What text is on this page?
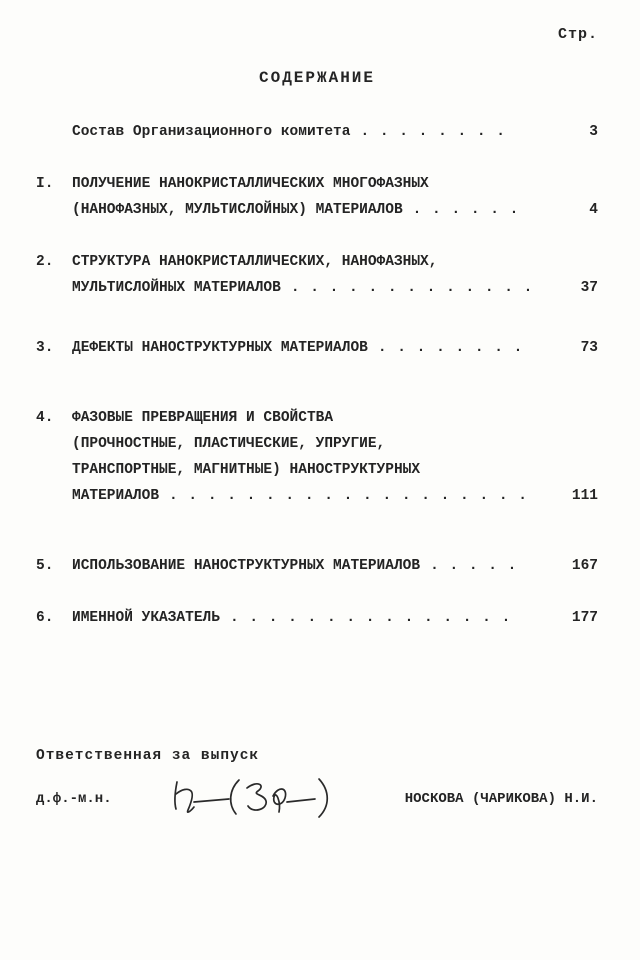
Стр.
СОДЕРЖАНИЕ
Состав Организационного комитета . . . . . . . .	3
I.	ПОЛУЧЕНИЕ НАНОКРИСТАЛЛИЧЕСКИХ МНОГОФАЗНЫХ
(НАНОФАЗНЫХ, МУЛЬТИСЛОЙНЫХ) МАТЕРИАЛОВ . . . . . .	4
2.	СТРУКТУРА НАНОКРИСТАЛЛИЧЕСКИХ, НАНОФАЗНЫХ,
МУЛЬТИСЛОЙНЫХ МАТЕРИАЛОВ . . . . . . . . . . . . .	37
3.	ДЕФЕКТЫ НАНОСТРУКТУРНЫХ МАТЕРИАЛОВ . . . . . . . .	73
4.	ФАЗОВЫЕ ПРЕВРАЩЕНИЯ И СВОЙСТВА
(ПРОЧНОСТНЫЕ, ПЛАСТИЧЕСКИЕ, УПРУГИЕ,
ТРАНСПОРТНЫЕ, МАГНИТНЫЕ) НАНОСТРУКТУРНЫХ
МАТЕРИАЛОВ . . . . . . . . . . . . . . . . . . .	111
5.	ИСПОЛЬЗОВАНИЕ НАНОСТРУКТУРНЫХ МАТЕРИАЛОВ . . . . .	167
6.	ИМЕННОЙ УКАЗАТЕЛЬ . . . . . . . . . . . . . . .	177
Ответственная за выпуск
д.ф.-м.н.	НОСКОВА (ЧАРИКОВА) Н.И.
